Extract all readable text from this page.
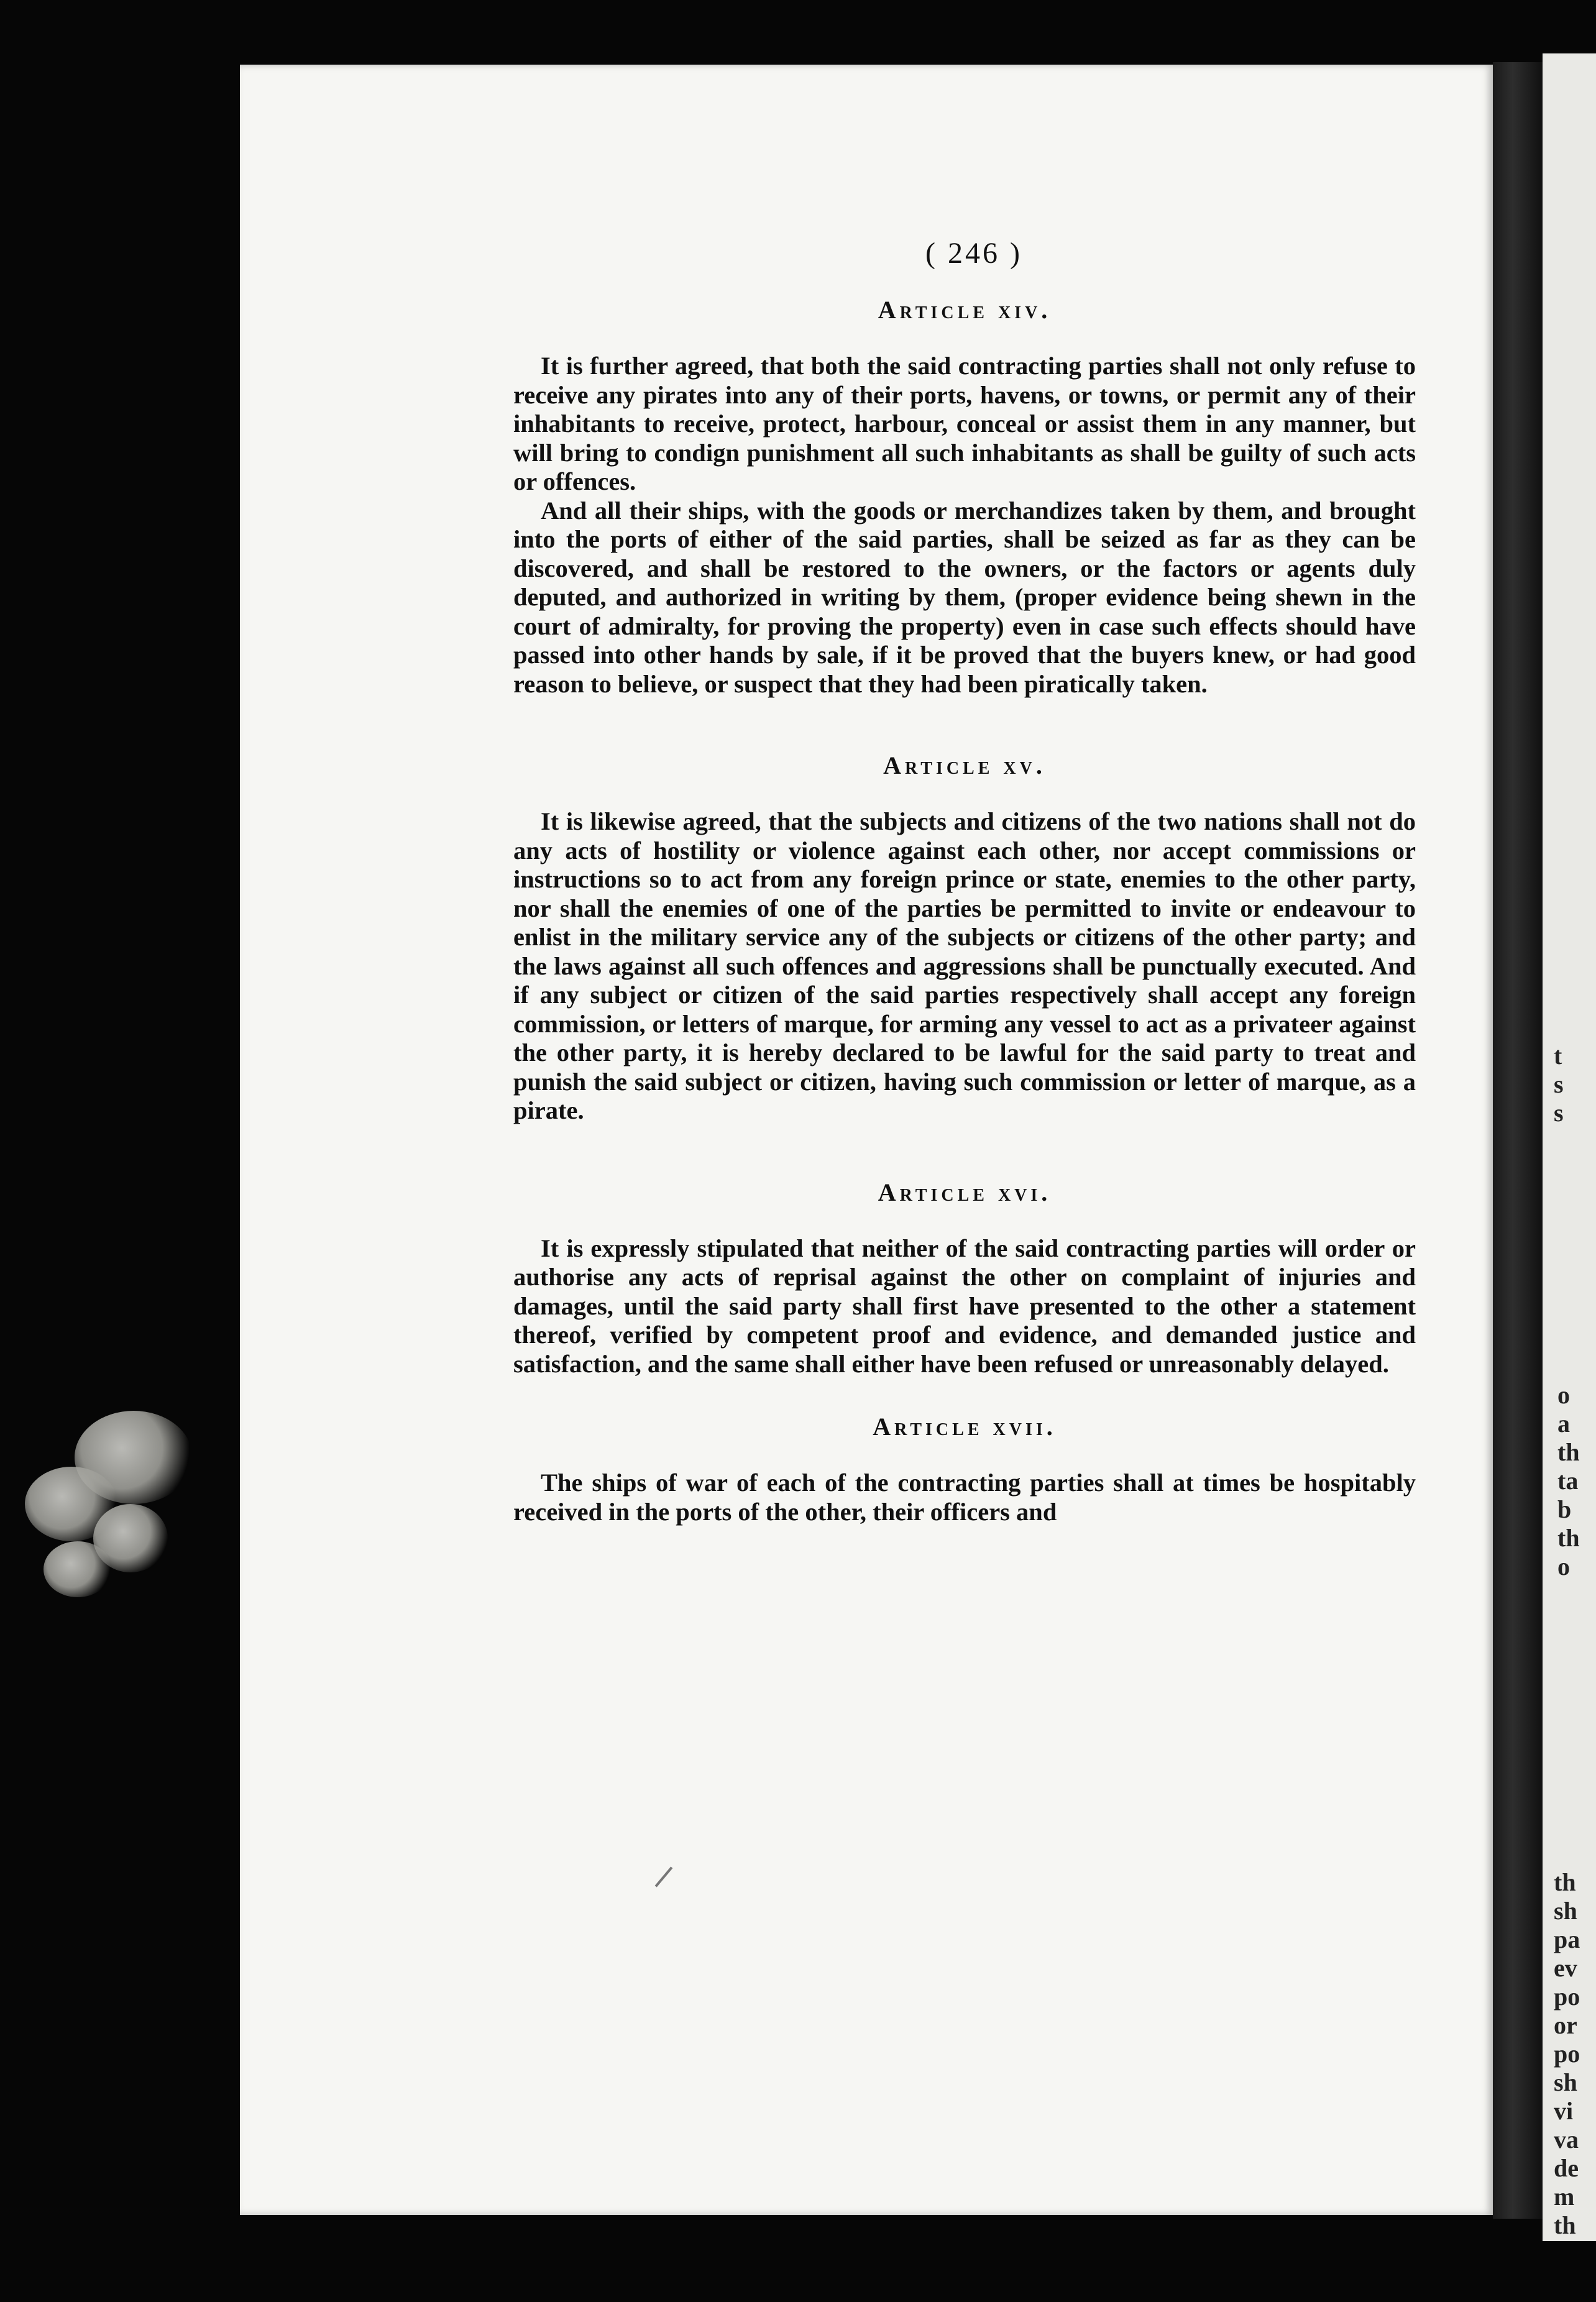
t
s
s
o
a
th
ta
b
th
o
th
sh
pa
ev
po
or
po
sh
vi
va
de
m
th
( 246 )
Article xiv.

It is further agreed, that both the said contracting parties shall not only refuse to receive any pirates into any of their ports, havens, or towns, or permit any of their inhabitants to receive, protect, harbour, conceal or assist them in any manner, but will bring to condign punishment all such inhabitants as shall be guilty of such acts or offences.

And all their ships, with the goods or merchandizes taken by them, and brought into the ports of either of the said parties, shall be seized as far as they can be discovered, and shall be restored to the owners, or the factors or agents duly deputed, and authorized in writing by them, (proper evidence being shewn in the court of admiralty, for proving the property) even in case such effects should have passed into other hands by sale, if it be proved that the buyers knew, or had good reason to believe, or suspect that they had been piratically taken.

Article xv.

It is likewise agreed, that the subjects and citizens of the two nations shall not do any acts of hostility or violence against each other, nor accept commissions or instructions so to act from any foreign prince or state, enemies to the other party, nor shall the enemies of one of the parties be permitted to invite or endeavour to enlist in the military service any of the subjects or citizens of the other party; and the laws against all such offences and aggressions shall be punctually executed. And if any subject or citizen of the said parties respectively shall accept any foreign commission, or letters of marque, for arming any vessel to act as a privateer against the other party, it is hereby declared to be lawful for the said party to treat and punish the said subject or citizen, having such commission or letter of marque, as a pirate.

Article xvi.

It is expressly stipulated that neither of the said contracting parties will order or authorise any acts of reprisal against the other on complaint of injuries and damages, until the said party shall first have presented to the other a statement thereof, verified by competent proof and evidence, and demanded justice and satisfaction, and the same shall either have been refused or unreasonably delayed.

Article xvii.

The ships of war of each of the contracting parties shall at times be hospitably received in the ports of the other, their officers and
